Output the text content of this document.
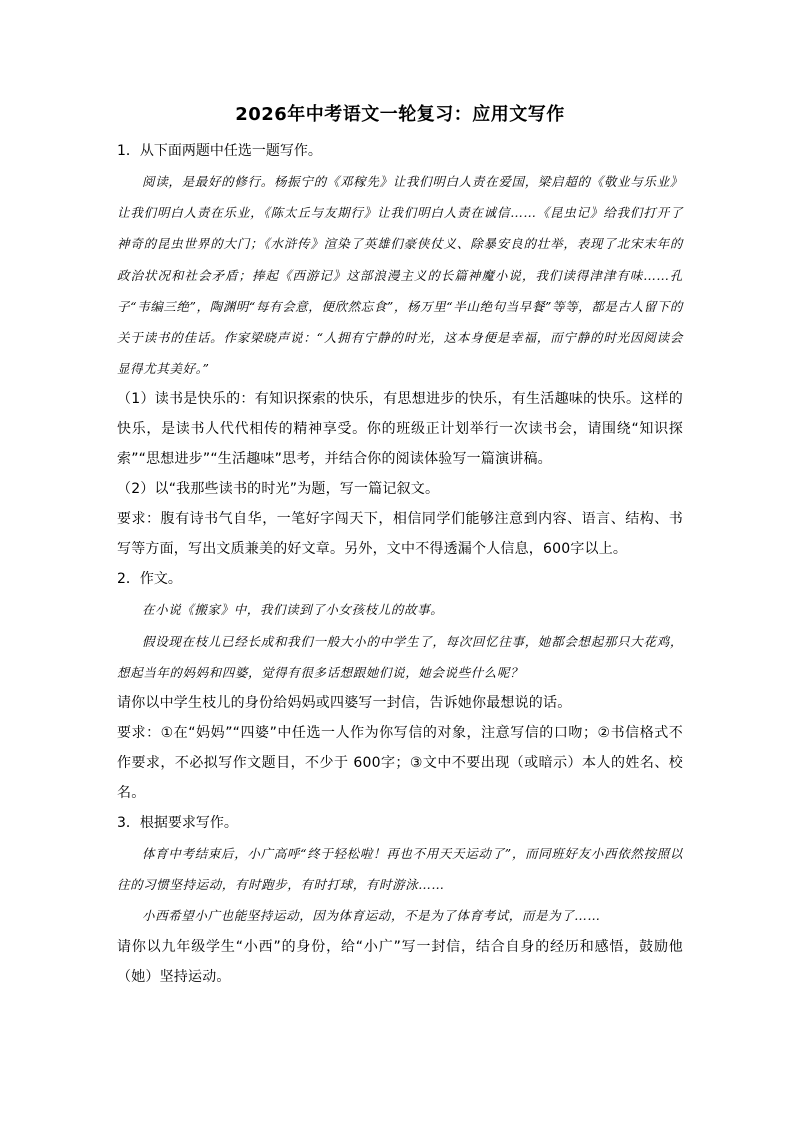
2026年中考语文一轮复习：应用文写作

1．从下面两题中任选一题写作。

阅读，是最好的修行。杨振宁的《邓稼先》让我们明白人责在爱国，梁启超的《敬业与乐业》让我们明白人责在乐业，《陈太丘与友期行》让我们明白人责在诚信……《昆虫记》给我们打开了神奇的昆虫世界的大门；《水浒传》渲染了英雄们豪侠仗义、除暴安良的壮举，表现了北宋末年的政治状况和社会矛盾；捧起《西游记》这部浪漫主义的长篇神魔小说，我们读得津津有味……孔子“韦编三绝”，陶渊明“每有会意，便欣然忘食”，杨万里“半山绝句当早餐”等等，都是古人留下的关于读书的佳话。作家梁晓声说：“人拥有宁静的时光，这本身便是幸福，而宁静的时光因阅读会显得尤其美好。”

（1）读书是快乐的：有知识探索的快乐，有思想进步的快乐，有生活趣味的快乐。这样的快乐，是读书人代代相传的精神享受。你的班级正计划举行一次读书会，请围绕“知识探索”“思想进步”“生活趣味”思考，并结合你的阅读体验写一篇演讲稿。

（2）以“我那些读书的时光”为题，写一篇记叙文。

要求：腹有诗书气自华，一笔好字闯天下，相信同学们能够注意到内容、语言、结构、书写等方面，写出文质兼美的好文章。另外，文中不得透漏个人信息，600字以上。

2．作文。

在小说《搬家》中，我们读到了小女孩枝儿的故事。

假设现在枝儿已经长成和我们一般大小的中学生了，每次回忆往事，她都会想起那只大花鸡，想起当年的妈妈和四婆，觉得有很多话想跟她们说，她会说些什么呢？

请你以中学生枝儿的身份给妈妈或四婆写一封信，告诉她你最想说的话。

要求：①在“妈妈”“四婆”中任选一人作为你写信的对象，注意写信的口吻；②书信格式不作要求，不必拟写作文题目，不少于 600字；③文中不要出现（或暗示）本人的姓名、校名。

3．根据要求写作。

体育中考结束后，小广高呼“终于轻松啦！再也不用天天运动了”，而同班好友小西依然按照以往的习惯坚持运动，有时跑步，有时打球，有时游泳……

小西希望小广也能坚持运动，因为体育运动，不是为了体育考试，而是为了……

请你以九年级学生“小西”的身份，给“小广”写一封信，结合自身的经历和感悟，鼓励他（她）坚持运动。
